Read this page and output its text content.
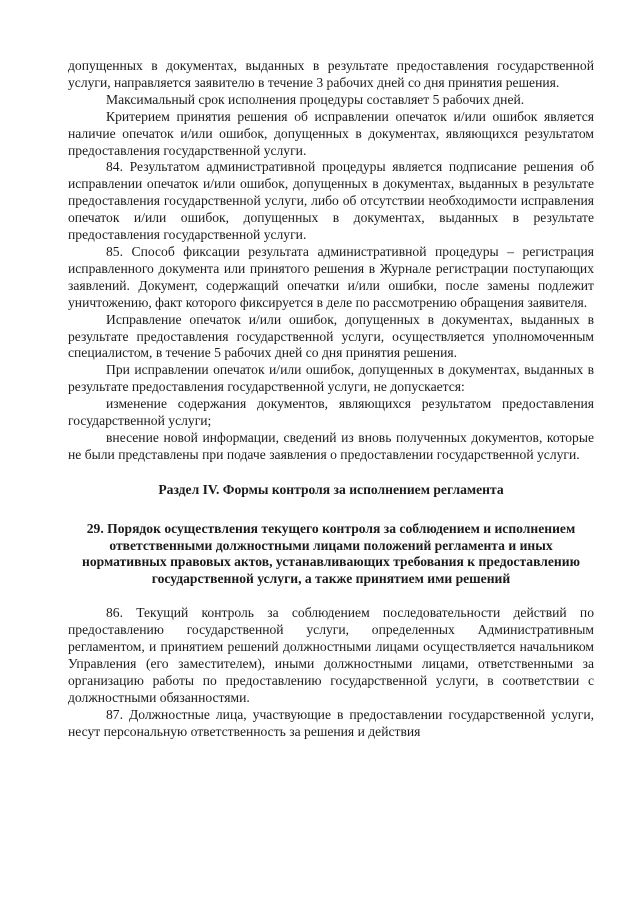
допущенных в документах, выданных в результате предоставления государственной услуги, направляется заявителю в течение 3 рабочих дней со дня принятия решения.

Максимальный срок исполнения процедуры составляет 5 рабочих дней.

Критерием принятия решения об исправлении опечаток и/или ошибок является наличие опечаток и/или ошибок, допущенных в документах, являющихся результатом предоставления государственной услуги.

84. Результатом административной процедуры является подписание решения об исправлении опечаток и/или ошибок, допущенных в документах, выданных в результате предоставления государственной услуги, либо об отсутствии необходимости исправления опечаток и/или ошибок, допущенных в документах, выданных в результате предоставления государственной услуги.

85. Способ фиксации результата административной процедуры – регистрация исправленного документа или принятого решения в Журнале регистрации поступающих заявлений. Документ, содержащий опечатки и/или ошибки, после замены подлежит уничтожению, факт которого фиксируется в деле по рассмотрению обращения заявителя.

Исправление опечаток и/или ошибок, допущенных в документах, выданных в результате предоставления государственной услуги, осуществляется уполномоченным специалистом, в течение 5 рабочих дней со дня принятия решения.

При исправлении опечаток и/или ошибок, допущенных в документах, выданных в результате предоставления государственной услуги, не допускается:

изменение содержания документов, являющихся результатом предоставления государственной услуги;

внесение новой информации, сведений из вновь полученных документов, которые не были представлены при подаче заявления о предоставлении государственной услуги.

Раздел IV. Формы контроля за исполнением регламента
29. Порядок осуществления текущего контроля за соблюдением и исполнением ответственными должностными лицами положений регламента и иных нормативных правовых актов, устанавливающих требования к предоставлению государственной услуги, а также принятием ими решений

86. Текущий контроль за соблюдением последовательности действий по предоставлению государственной услуги, определенных Административным регламентом, и принятием решений должностными лицами осуществляется начальником Управления (его заместителем), иными должностными лицами, ответственными за организацию работы по предоставлению государственной услуги, в соответствии с должностными обязанностями.

87. Должностные лица, участвующие в предоставлении государственной услуги, несут персональную ответственность за решения и действия
